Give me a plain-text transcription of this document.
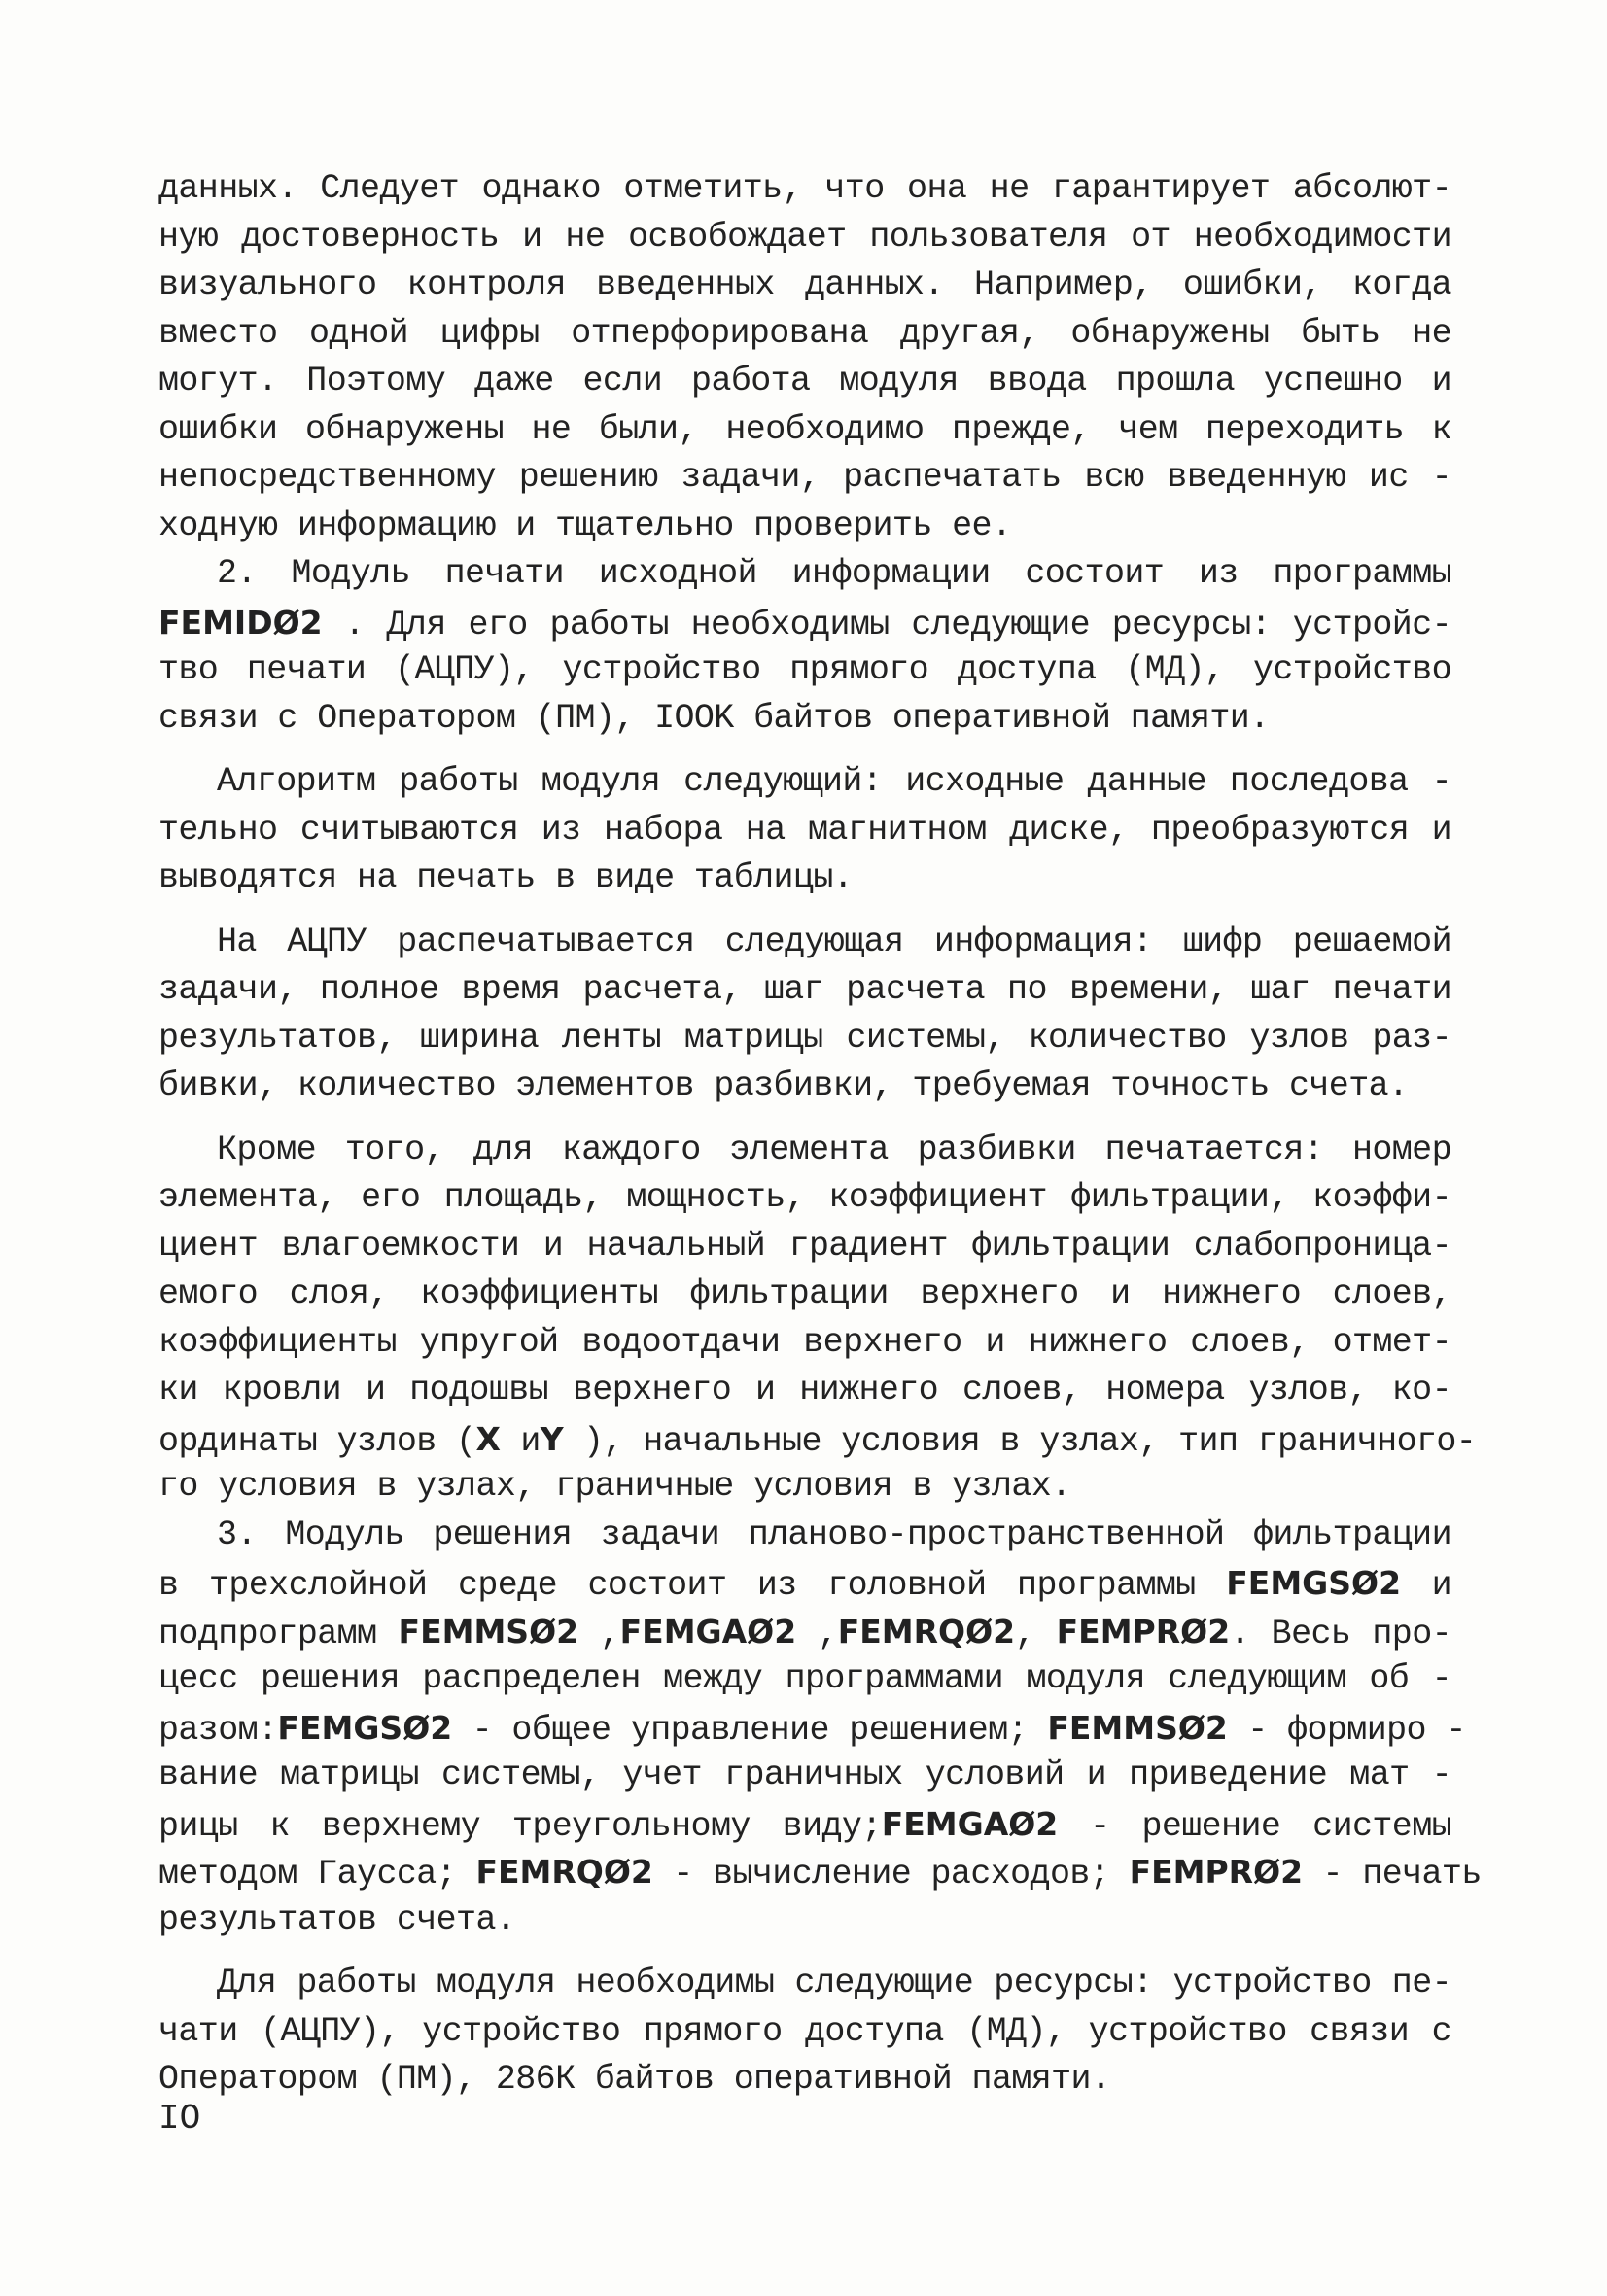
данных. Следует однако отметить, что она не гарантирует абсолют-
ную достоверность и не освобождает пользователя от необходимости
визуального контроля введенных данных. Например, ошибки, когда
вместо одной цифры отперфорирована другая, обнаружены быть не
могут. Поэтому даже если работа модуля ввода прошла успешно и
ошибки обнаружены не были, необходимо прежде, чем переходить к
непосредственному решению задачи, распечатать всю введенную ис -
ходную информацию и тщательно проверить ее.
2. Модуль печати исходной информации состоит из программы
FEMIDØ2 . Для его работы необходимы следующие ресурсы: устройс-
тво печати (АЦПУ), устройство прямого доступа (МД), устройство
связи с Оператором (ПМ), IOOK байтов оперативной памяти.
Алгоритм работы модуля следующий: исходные данные последова -
тельно считываются из набора на магнитном диске, преобразуются и
выводятся на печать в виде таблицы.
На АЦПУ распечатывается следующая информация: шифр решаемой
задачи, полное время расчета, шаг расчета по времени, шаг печати
результатов, ширина ленты матрицы системы, количество узлов раз-
бивки, количество элементов разбивки, требуемая точность счета.
Кроме того, для каждого элемента разбивки печатается: номер
элемента, его площадь, мощность, коэффициент фильтрации, коэффи-
циент влагоемкости и начальный градиент фильтрации слабопроница-
емого слоя, коэффициенты фильтрации верхнего и нижнего слоев,
коэффициенты упругой водоотдачи верхнего и нижнего слоев, отмет-
ки кровли и подошвы верхнего и нижнего слоев, номера узлов, ко-
ординаты узлов (X иY ), начальные условия в узлах, тип граничного-
го условия в узлах, граничные условия в узлах.
3. Модуль решения задачи планово-пространственной фильтрации
в трехслойной среде состоит из головной программы FEMGSØ2 и
подпрограмм FEMMSØ2 ,FEMGAØ2 ,FEMRQØ2, FEMPRØ2. Весь про-
цесс решения распределен между программами модуля следующим об -
разом:FEMGSØ2 - общее управление решением; FEMMSØ2 - формиро -
вание матрицы системы, учет граничных условий и приведение мат -
рицы к верхнему треугольному виду;FEMGAØ2 - решение системы
методом Гаусса; FEMRQØ2 - вычисление расходов; FEMPRØ2 - печать
результатов счета.
Для работы модуля необходимы следующие ресурсы: устройство пе-
чати (АЦПУ), устройство прямого доступа (МД), устройство связи с
Оператором (ПМ), 286К байтов оперативной памяти.
IO
